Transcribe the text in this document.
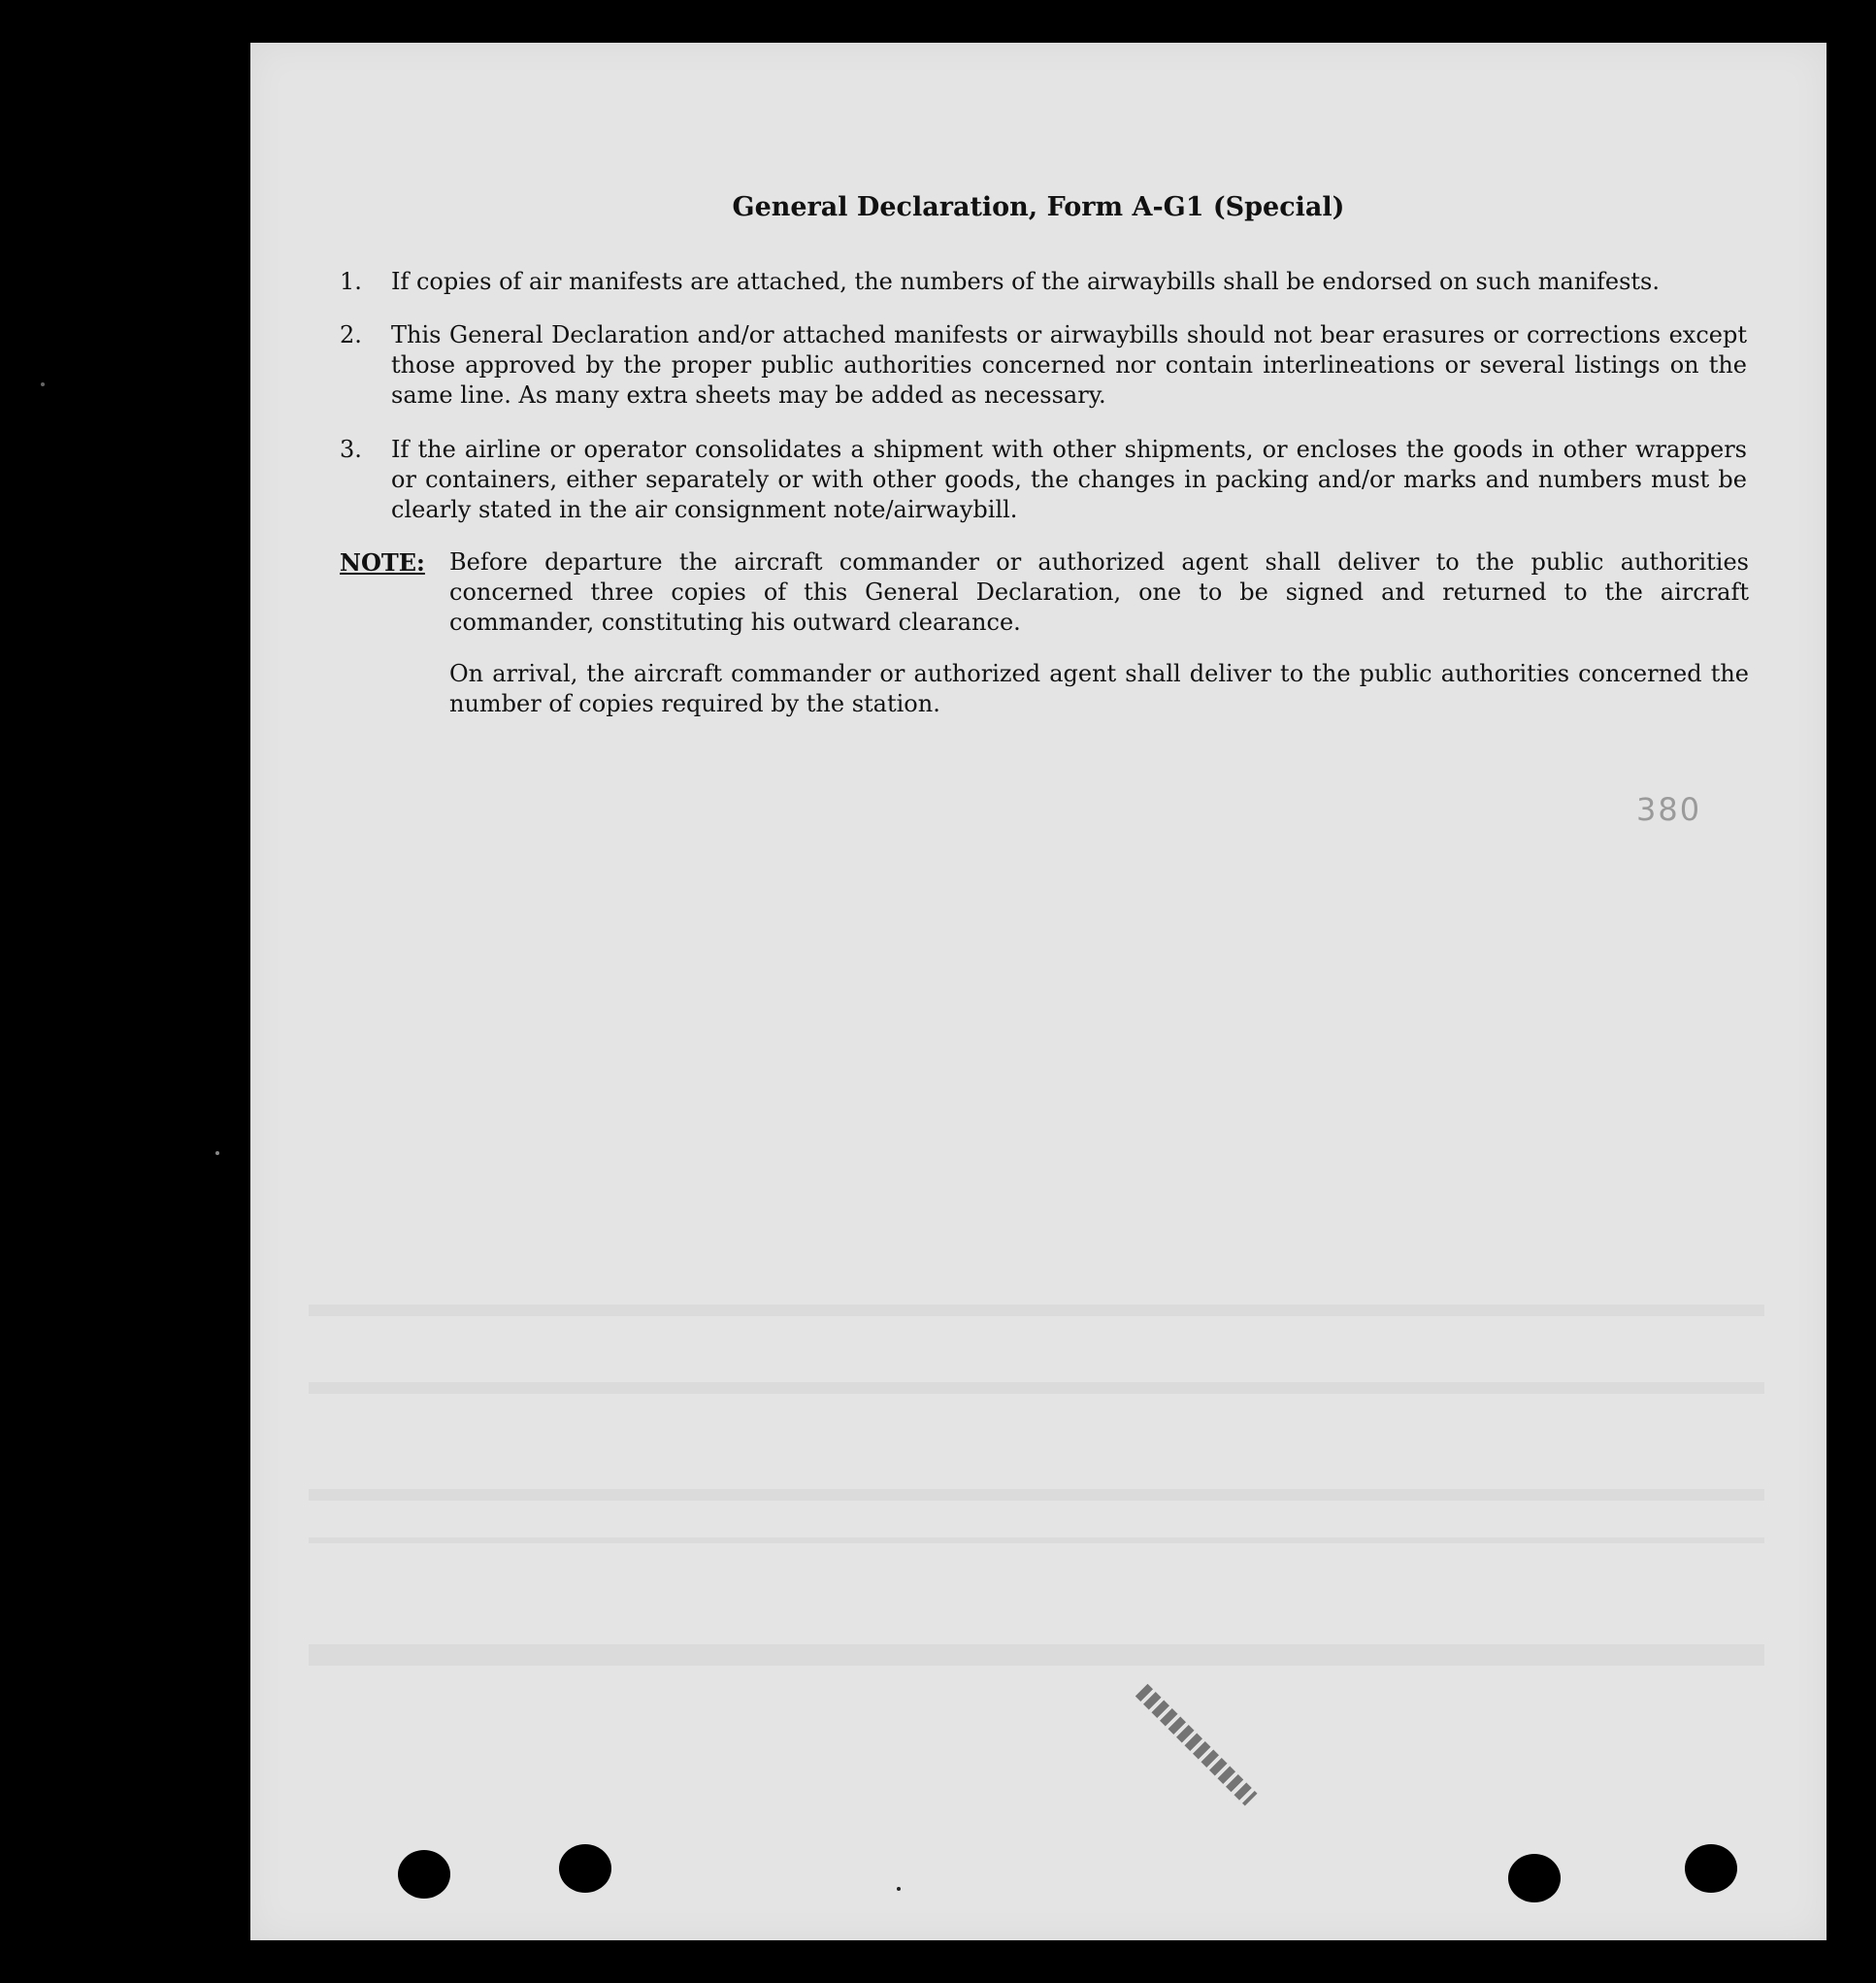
General Declaration, Form A-G1 (Special)
1. If copies of air manifests are attached, the numbers of the airwaybills shall be endorsed on such manifests.
2. This General Declaration and/or attached manifests or airwaybills should not bear erasures or corrections except those approved by the proper public authorities concerned nor contain interlineations or several listings on the same line. As many extra sheets may be added as necessary.
3. If the airline or operator consolidates a shipment with other shipments, or encloses the goods in other wrappers or containers, either separately or with other goods, the changes in packing and/or marks and numbers must be clearly stated in the air consignment note/airwaybill.
NOTE: Before departure the aircraft commander or authorized agent shall deliver to the public authorities concerned three copies of this General Declaration, one to be signed and returned to the aircraft commander, constituting his outward clearance.
On arrival, the aircraft commander or authorized agent shall deliver to the public authorities concerned the number of copies required by the station.
380
